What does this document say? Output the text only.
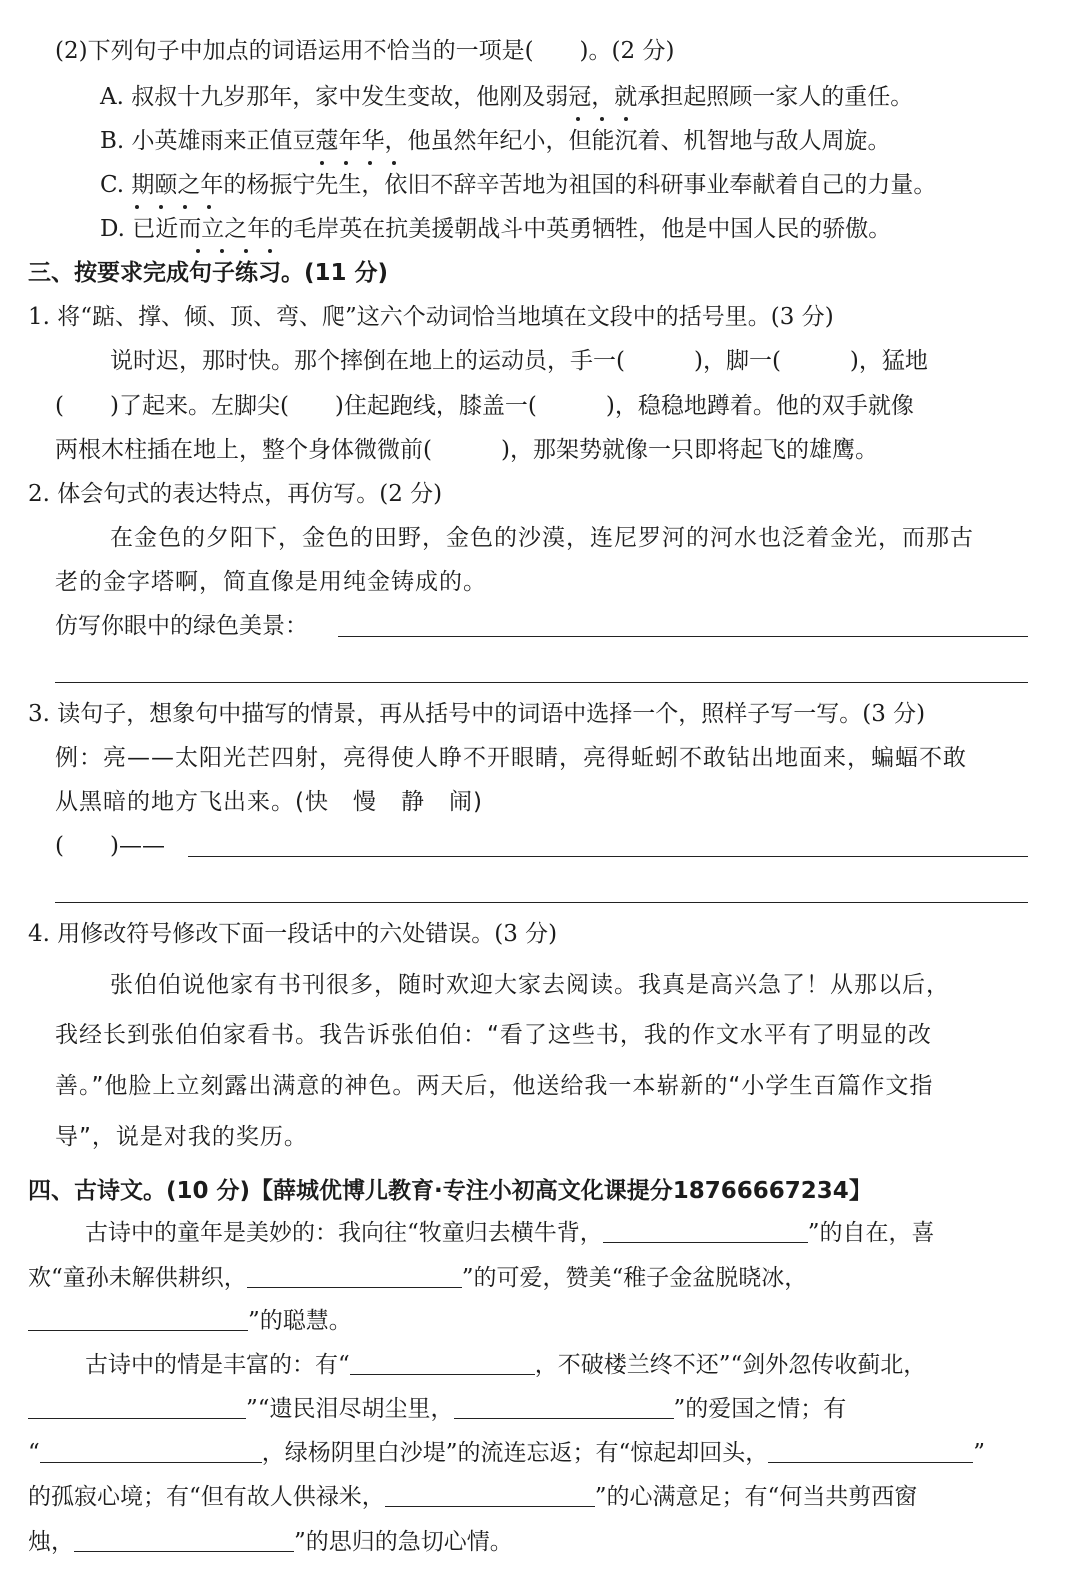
(2)下列句子中加点的词语运用不恰当的一项是(　　)。(2 分)
A. 叔叔十九岁那年，家中发生变故，他刚及弱冠，就承担起照顾一家人的重任。
B. 小英雄雨来正值豆蔻年华，他虽然年纪小，但能沉着、机智地与敌人周旋。
C. 期颐之年的杨振宁先生，依旧不辞辛苦地为祖国的科研事业奉献着自己的力量。
D. 已近而立之年的毛岸英在抗美援朝战斗中英勇牺牲，他是中国人民的骄傲。
三、按要求完成句子练习。(11 分)
1. 将“踮、撑、倾、顶、弯、爬”这六个动词恰当地填在文段中的括号里。(3 分)
说时迟，那时快。那个摔倒在地上的运动员，手一(　　　)，脚一(　　　)，猛地
(　　)了起来。左脚尖(　　)住起跑线，膝盖一(　　　)，稳稳地蹲着。他的双手就像
两根木柱插在地上，整个身体微微前(　　　)，那架势就像一只即将起飞的雄鹰。
2. 体会句式的表达特点，再仿写。(2 分)
在金色的夕阳下，金色的田野，金色的沙漠，连尼罗河的河水也泛着金光，而那古
老的金字塔啊，简直像是用纯金铸成的。
仿写你眼中的绿色美景：
3. 读句子，想象句中描写的情景，再从括号中的词语中选择一个，照样子写一写。(3 分)
例：亮——太阳光芒四射，亮得使人睁不开眼睛，亮得蚯蚓不敢钻出地面来，蝙蝠不敢
从黑暗的地方飞出来。(快　慢　静　闹)
(　　)——
4. 用修改符号修改下面一段话中的六处错误。(3 分)
张伯伯说他家有书刊很多，随时欢迎大家去阅读。我真是高兴急了！从那以后，
我经长到张伯伯家看书。我告诉张伯伯：“看了这些书，我的作文水平有了明显的改
善。”他脸上立刻露出满意的神色。两天后，他送给我一本崭新的“小学生百篇作文指
导”，说是对我的奖历。
四、古诗文。(10 分)【薛城优博儿教育·专注小初高文化课提分18766667234】
古诗中的童年是美妙的：我向往“牧童归去横牛背，	”的自在，喜
欢“童孙未解供耕织，	”的可爱，赞美“稚子金盆脱晓冰，
”的聪慧。
古诗中的情是丰富的：有“	，不破楼兰终不还”“剑外忽传收蓟北，
”“遗民泪尽胡尘里，	”的爱国之情；有
“	，绿杨阴里白沙堤”的流连忘返；有“惊起却回头，	”
的孤寂心境；有“但有故人供禄米，	”的心满意足；有“何当共剪西窗
烛，	”的思归的急切心情。
